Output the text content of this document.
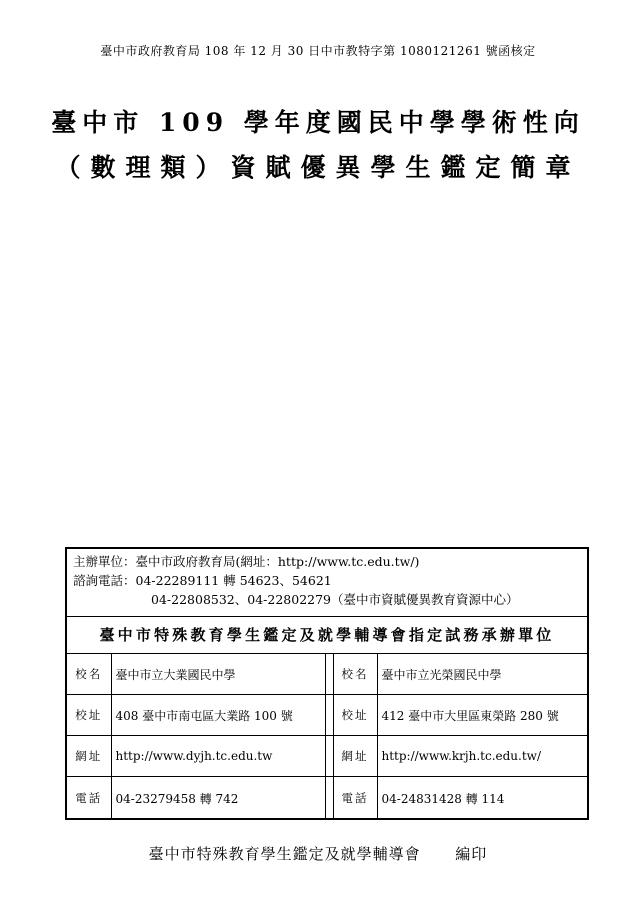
臺中市政府教育局 108 年 12 月 30 日中市教特字第 1080121261 號函核定
臺中市 109 學年度國民中學學術性向
（數理類）資賦優異學生鑑定簡章
主辦單位：臺中市政府教育局(網址：http://www.tc.edu.tw/)
諮詢電話：04-22289111 轉 54623、54621
04-22808532、04-22802279（臺中市資賦優異教育資源中心）
臺中市特殊教育學生鑑定及就學輔導會指定試務承辦單位
校名	臺中市立大業國民中學		校名	臺中市立光榮國民中學
校址	408 臺中市南屯區大業路 100 號		校址	412 臺中市大里區東榮路 280 號
網址	http://www.dyjh.tc.edu.tw		網址	http://www.krjh.tc.edu.tw/
電話	04-23279458 轉 742		電話	04-24831428 轉 114
臺中市特殊教育學生鑑定及就學輔導會 編印
